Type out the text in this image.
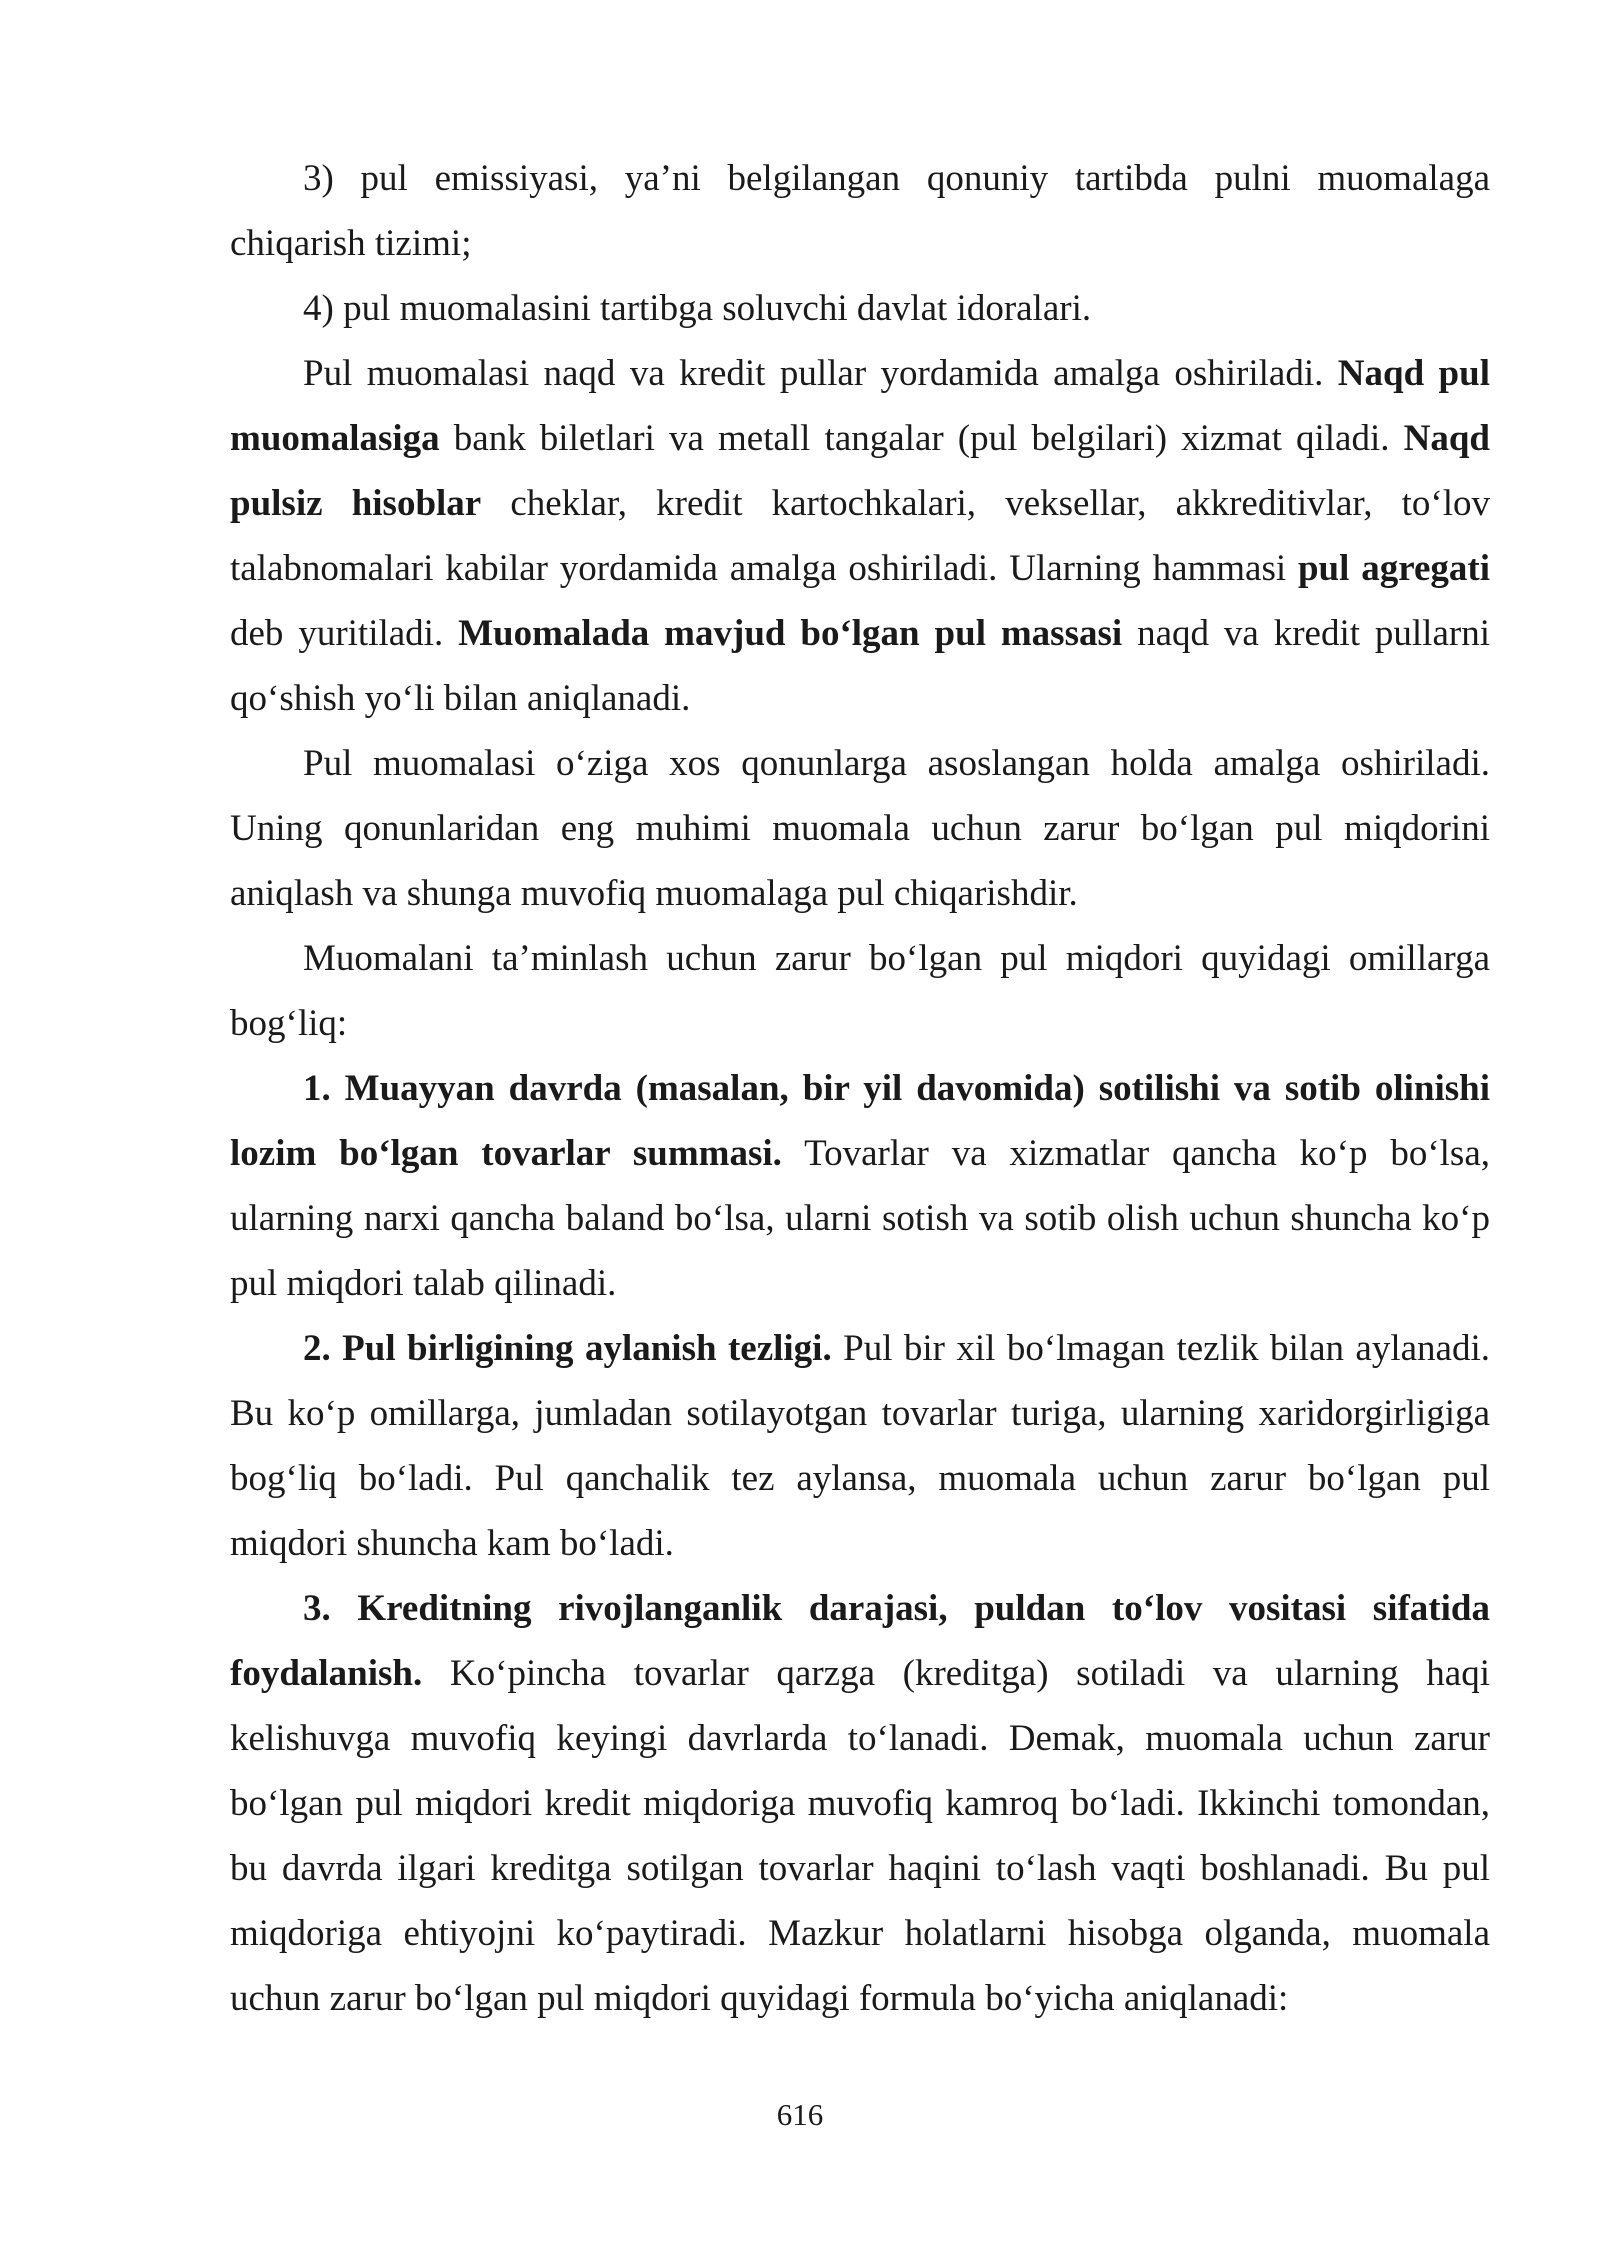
3) pul emissiyasi, ya’ni belgilangan qonuniy tartibda pulni muomalaga chiqarish tizimi;

4) pul muomalasini tartibga soluvchi davlat idoralari.

Pul muomalasi naqd va kredit pullar yordamida amalga oshiriladi. Naqd pul muomalasiga bank biletlari va metall tangalar (pul belgilari) xizmat qiladi. Naqd pulsiz hisoblar cheklar, kredit kartochkalari, veksellar, akkreditivlar, to‘lov talabnomalari kabilar yordamida amalga oshiriladi. Ularning hammasi pul agregati deb yuritiladi. Muomalada mavjud bo‘lgan pul massasi naqd va kredit pullarni qo‘shish yo‘li bilan aniqlanadi.

Pul muomalasi o‘ziga xos qonunlarga asoslangan holda amalga oshiriladi. Uning qonunlaridan eng muhimi muomala uchun zarur bo‘lgan pul miqdorini aniqlash va shunga muvofiq muomalaga pul chiqarishdir.

Muomalani ta’minlash uchun zarur bo‘lgan pul miqdori quyidagi omillarga bog‘liq:

1. Muayyan davrda (masalan, bir yil davomida) sotilishi va sotib olinishi lozim bo‘lgan tovarlar summasi. Tovarlar va xizmatlar qancha ko‘p bo‘lsa, ularning narxi qancha baland bo‘lsa, ularni sotish va sotib olish uchun shuncha ko‘p pul miqdori talab qilinadi.

2. Pul birligining aylanish tezligi. Pul bir xil bo‘lmagan tezlik bilan aylanadi. Bu ko‘p omillarga, jumladan sotilayotgan tovarlar turiga, ularning xaridorgirligiga bog‘liq bo‘ladi. Pul qanchalik tez aylansa, muomala uchun zarur bo‘lgan pul miqdori shuncha kam bo‘ladi.

3. Kreditning rivojlanganlik darajasi, puldan to‘lov vositasi sifatida foydalanish. Ko‘pincha tovarlar qarzga (kreditga) sotiladi va ularning haqi kelishuvga muvofiq keyingi davrlarda to‘lanadi. Demak, muomala uchun zarur bo‘lgan pul miqdori kredit miqdoriga muvofiq kamroq bo‘ladi. Ikkinchi tomondan, bu davrda ilgari kreditga sotilgan tovarlar haqini to‘lash vaqti boshlanadi. Bu pul miqdoriga ehtiyojni ko‘paytiradi. Mazkur holatlarni hisobga olganda, muomala uchun zarur bo‘lgan pul miqdori quyidagi formula bo‘yicha aniqlanadi:

616
